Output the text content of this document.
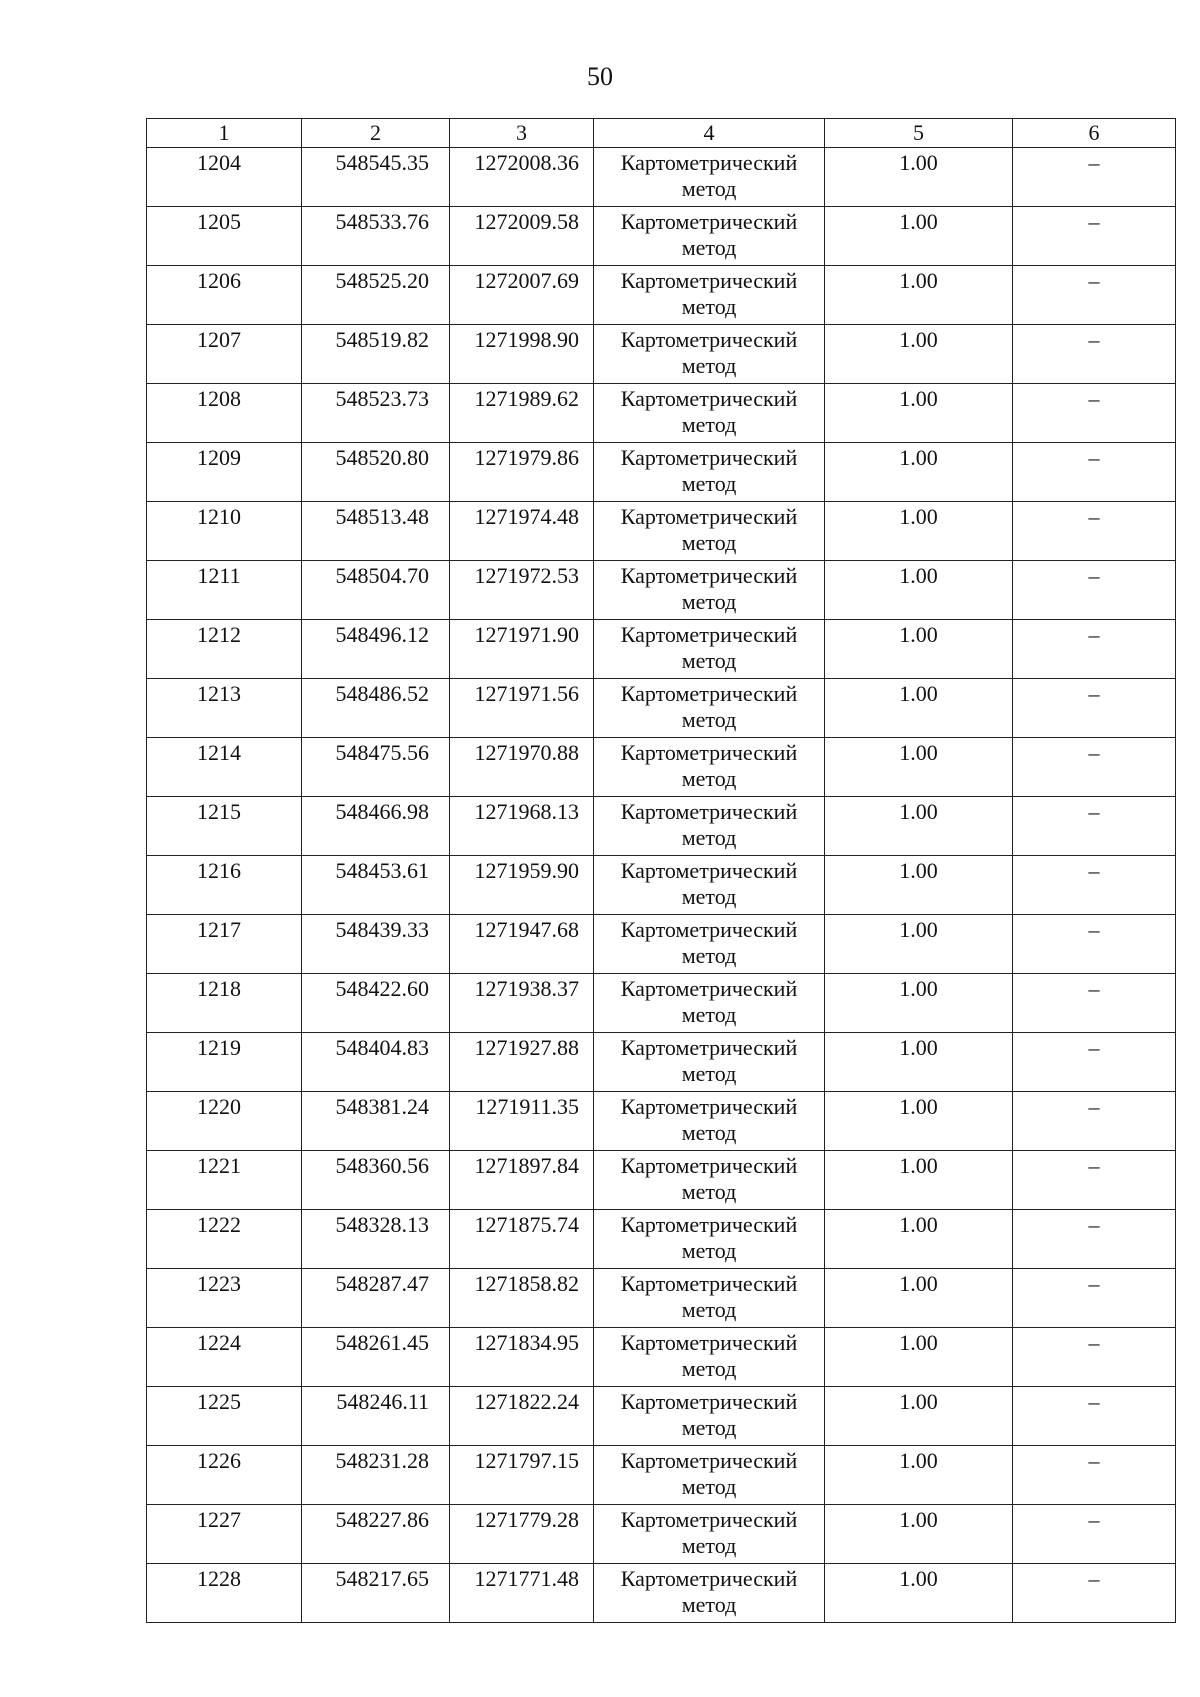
50
1	2	3	4	5	6
1204	548545.35	1272008.36	Картометрический метод	1.00	–
1205	548533.76	1272009.58	Картометрический метод	1.00	–
1206	548525.20	1272007.69	Картометрический метод	1.00	–
1207	548519.82	1271998.90	Картометрический метод	1.00	–
1208	548523.73	1271989.62	Картометрический метод	1.00	–
1209	548520.80	1271979.86	Картометрический метод	1.00	–
1210	548513.48	1271974.48	Картометрический метод	1.00	–
1211	548504.70	1271972.53	Картометрический метод	1.00	–
1212	548496.12	1271971.90	Картометрический метод	1.00	–
1213	548486.52	1271971.56	Картометрический метод	1.00	–
1214	548475.56	1271970.88	Картометрический метод	1.00	–
1215	548466.98	1271968.13	Картометрический метод	1.00	–
1216	548453.61	1271959.90	Картометрический метод	1.00	–
1217	548439.33	1271947.68	Картометрический метод	1.00	–
1218	548422.60	1271938.37	Картометрический метод	1.00	–
1219	548404.83	1271927.88	Картометрический метод	1.00	–
1220	548381.24	1271911.35	Картометрический метод	1.00	–
1221	548360.56	1271897.84	Картометрический метод	1.00	–
1222	548328.13	1271875.74	Картометрический метод	1.00	–
1223	548287.47	1271858.82	Картометрический метод	1.00	–
1224	548261.45	1271834.95	Картометрический метод	1.00	–
1225	548246.11	1271822.24	Картометрический метод	1.00	–
1226	548231.28	1271797.15	Картометрический метод	1.00	–
1227	548227.86	1271779.28	Картометрический метод	1.00	–
1228	548217.65	1271771.48	Картометрический метод	1.00	–
